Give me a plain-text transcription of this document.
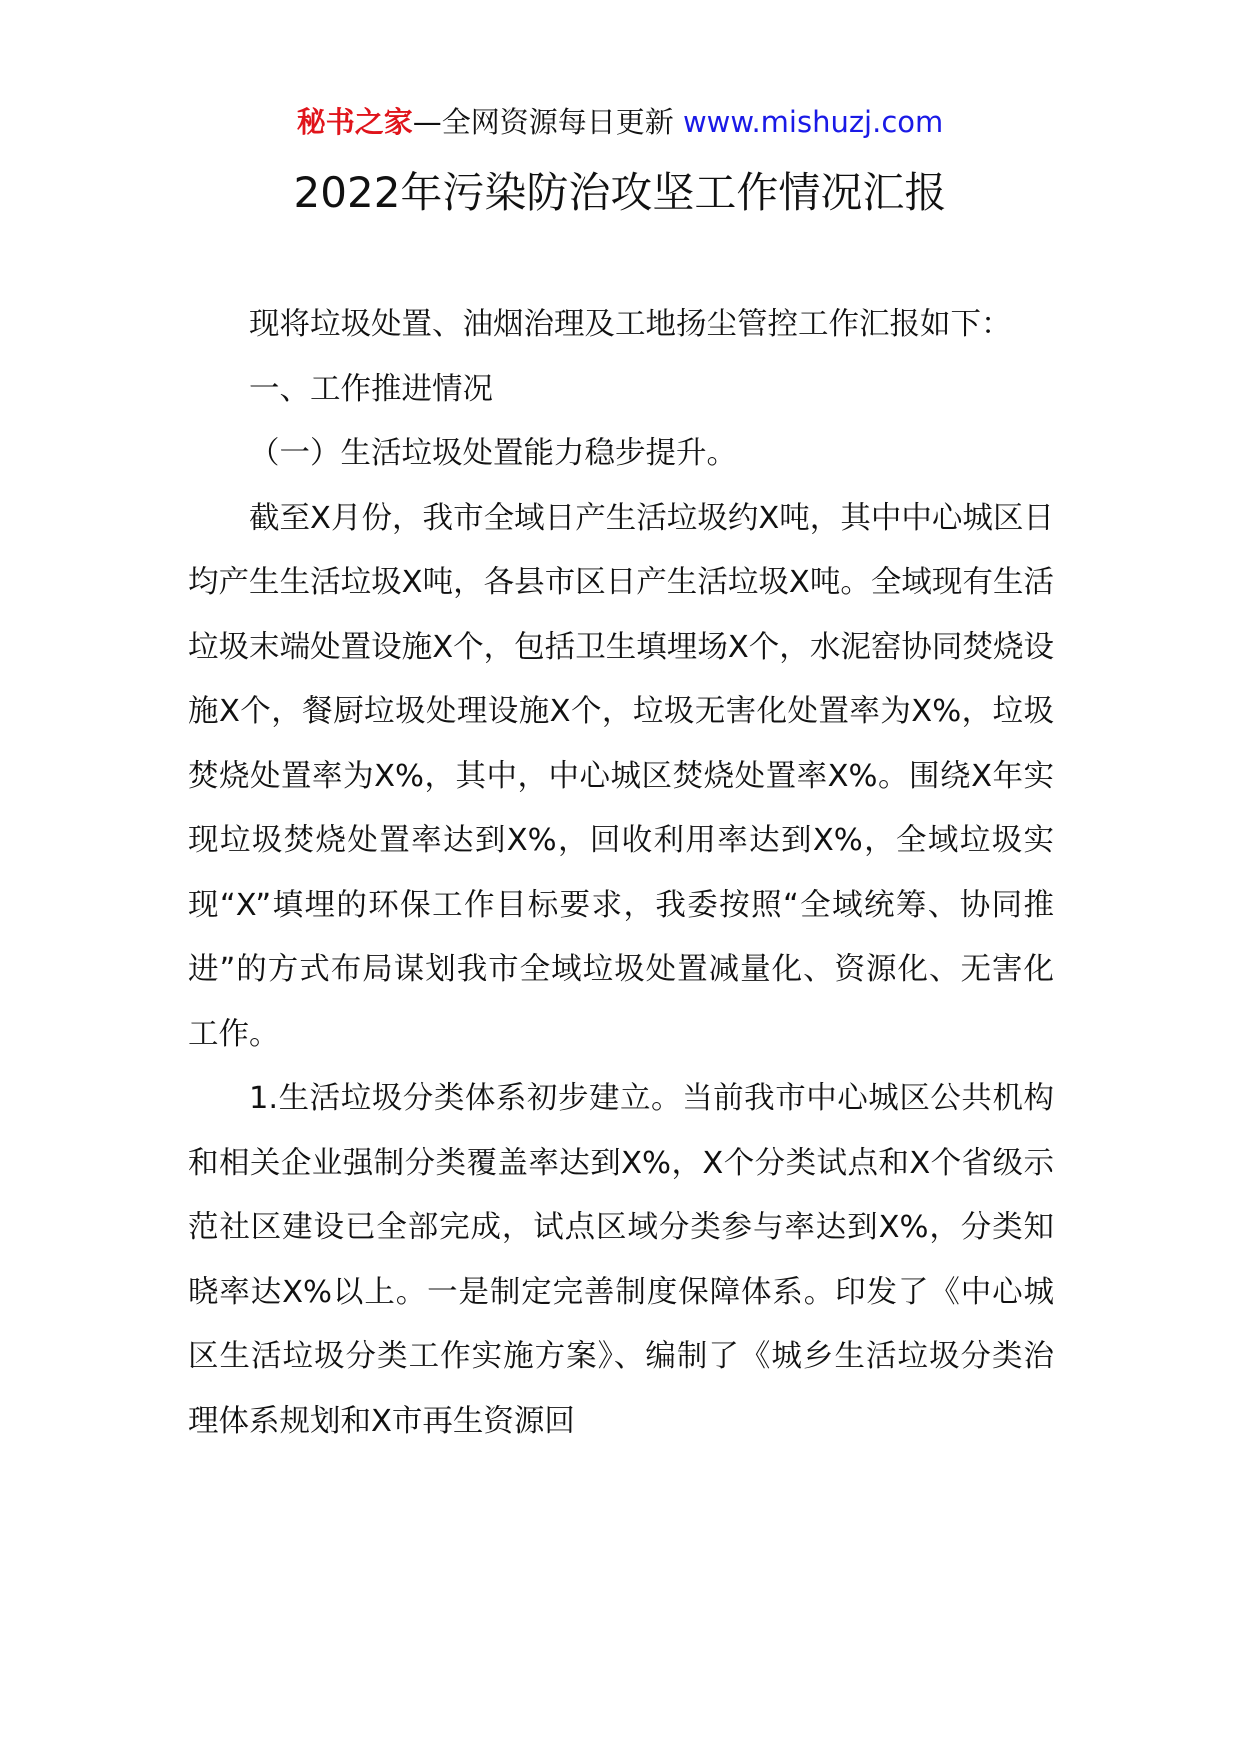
秘书之家—全网资源每日更新 www.mishuzj.com
2022年污染防治攻坚工作情况汇报

现将垃圾处置、油烟治理及工地扬尘管控工作汇报如下：

一、工作推进情况

（一）生活垃圾处置能力稳步提升。

截至X月份，我市全域日产生活垃圾约X吨，其中中心城区日均产生生活垃圾X吨，各县市区日产生活垃圾X吨。全域现有生活垃圾末端处置设施X个，包括卫生填埋场X个，水泥窑协同焚烧设施X个，餐厨垃圾处理设施X个，垃圾无害化处置率为X%，垃圾焚烧处置率为X%，其中，中心城区焚烧处置率X%。围绕X年实现垃圾焚烧处置率达到X%，回收利用率达到X%，全域垃圾实现“X”填埋的环保工作目标要求，我委按照“全域统筹、协同推进”的方式布局谋划我市全域垃圾处置减量化、资源化、无害化工作。

1.生活垃圾分类体系初步建立。当前我市中心城区公共机构和相关企业强制分类覆盖率达到X%，X个分类试点和X个省级示范社区建设已全部完成，试点区域分类参与率达到X%，分类知晓率达X%以上。一是制定完善制度保障体系。印发了《中心城区生活垃圾分类工作实施方案》、编制了《城乡生活垃圾分类治理体系规划和X市再生资源回
